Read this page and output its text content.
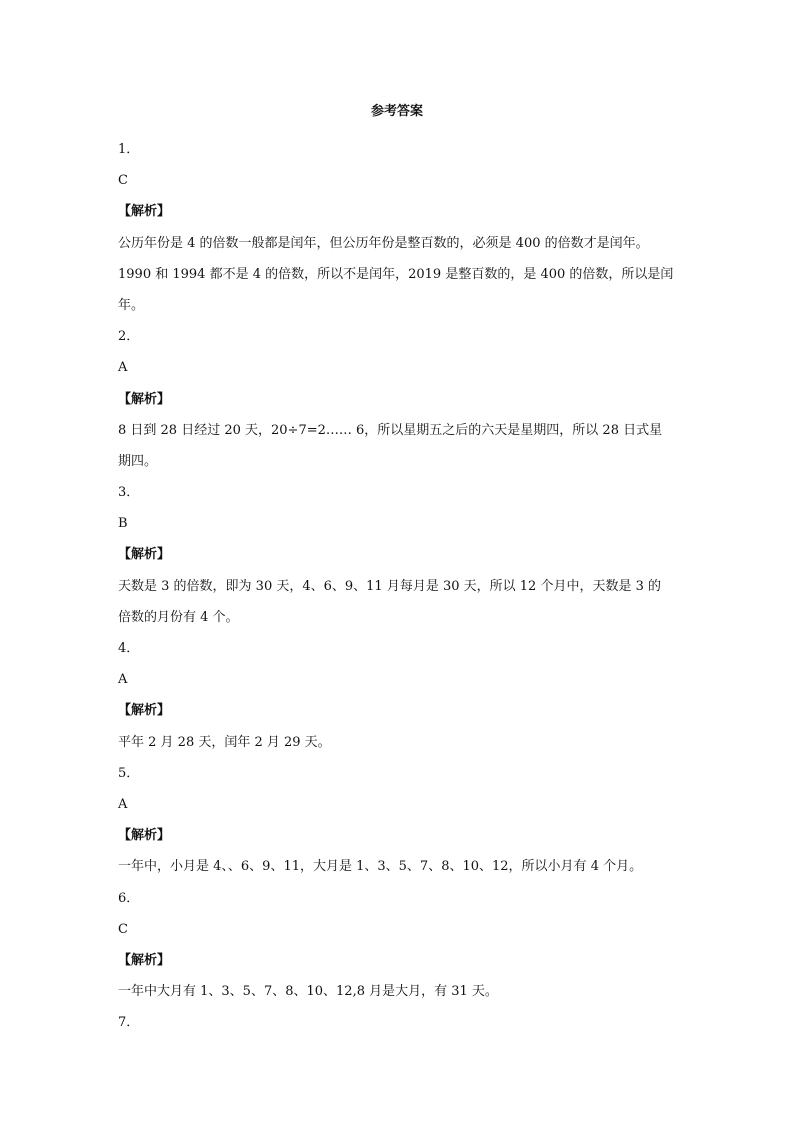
参考答案
1．
C
【解析】
公历年份是 4 的倍数一般都是闰年，但公历年份是整百数的，必须是 400 的倍数才是闰年。
1990 和 1994 都不是 4 的倍数，所以不是闰年，2019 是整百数的，是 400 的倍数，所以是闰
年。
2．
A
【解析】
8 日到 28 日经过 20 天，20÷7=2…… 6，所以星期五之后的六天是星期四，所以 28 日式星
期四。
3．
B
【解析】
天数是 3 的倍数，即为 30 天，4、6、9、11 月每月是 30 天，所以 12 个月中，天数是 3 的
倍数的月份有 4 个。
4．
A
【解析】
平年 2 月 28 天，闰年 2 月 29 天。
5．
A
【解析】
一年中，小月是 4、、6、9、11，大月是 1、3、5、7、8、10、12，所以小月有 4 个月。
6．
C
【解析】
一年中大月有 1、3、5、7、8、10、12,8 月是大月，有 31 天。
7．
